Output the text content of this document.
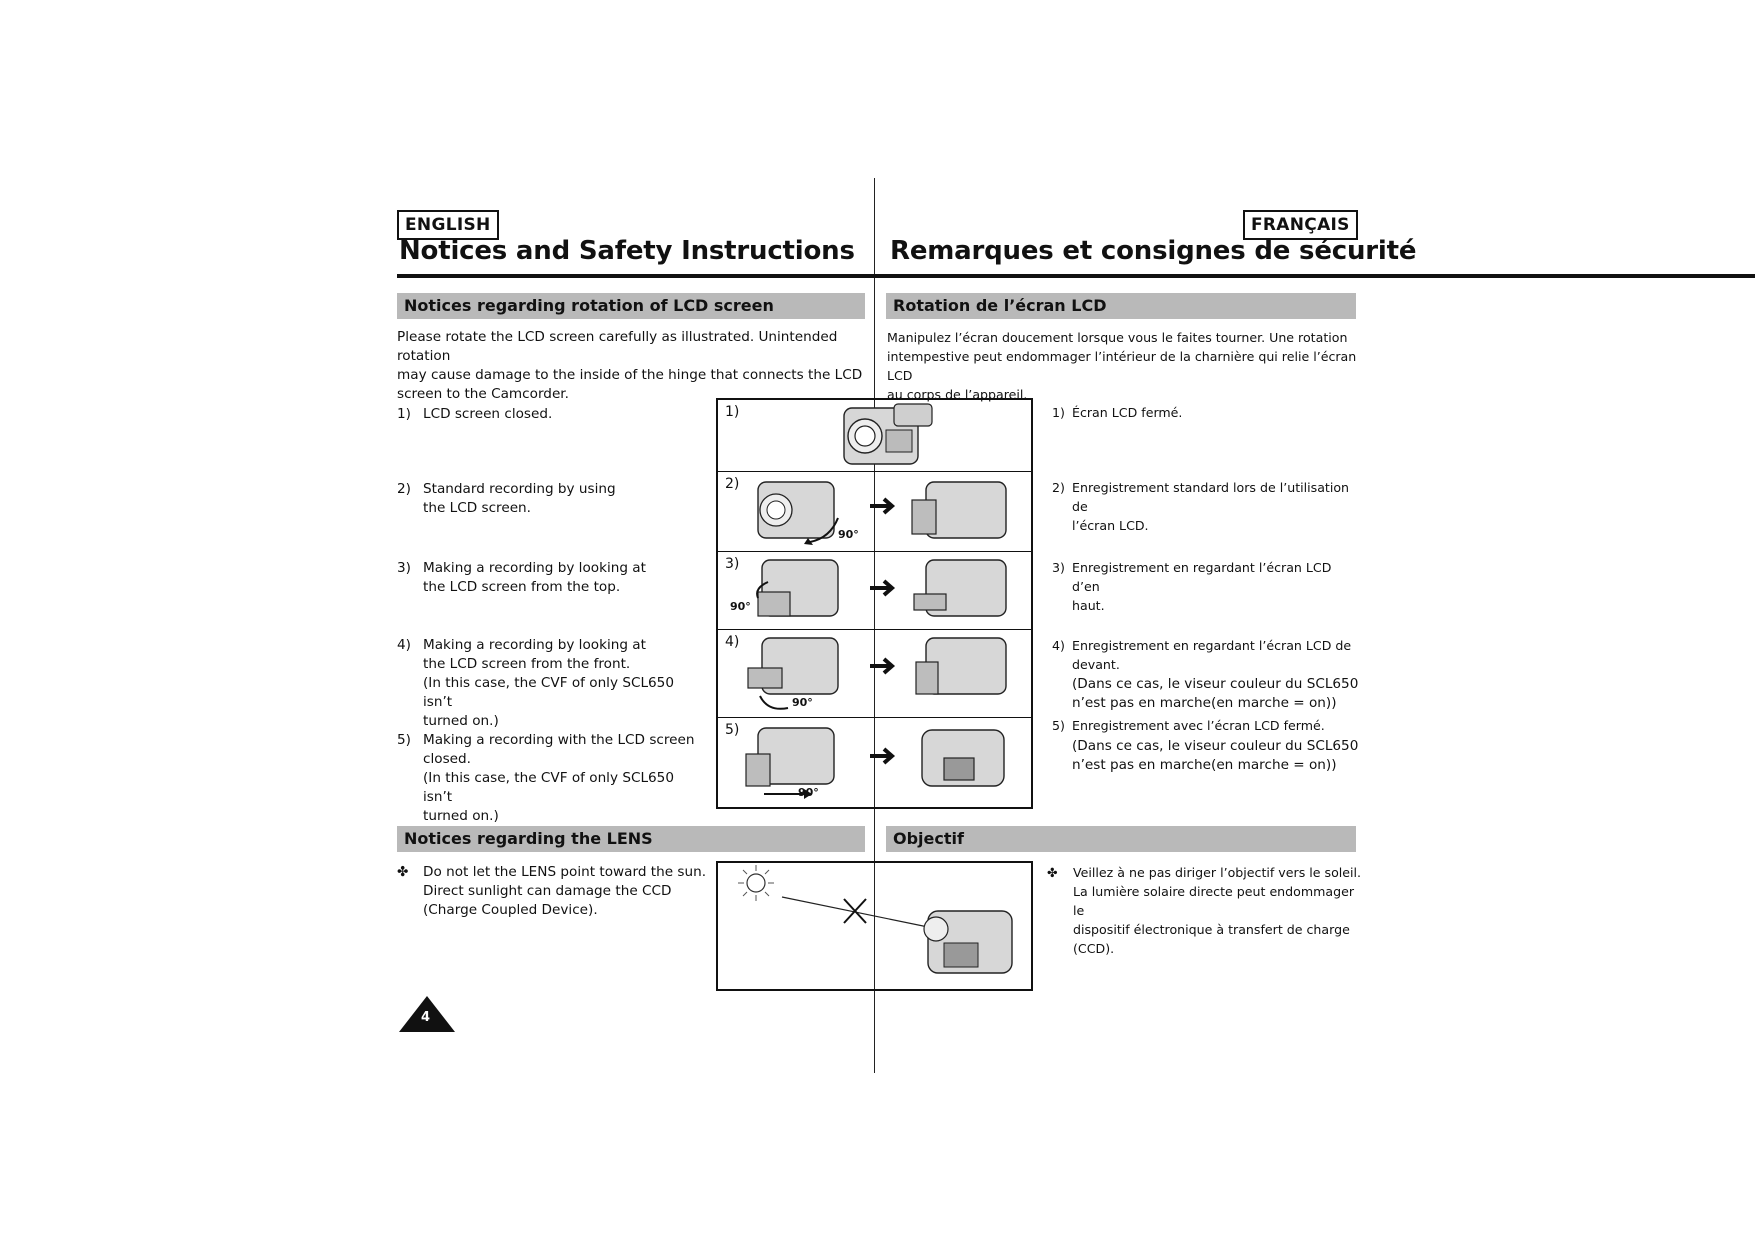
ENGLISH	FRANÇAIS
Notices and Safety Instructions Remarques et consignes de sécurité
Notices regarding rotation of LCD screen	Rotation de l’écran LCD
Please rotate the LCD screen carefully as illustrated. Unintended rotation
may cause damage to the inside of the hinge that connects the LCD
screen to the Camcorder.
Manipulez l’écran doucement lorsque vous le faites tourner. Une rotation
intempestive peut endommager l’intérieur de la charnière qui relie l’écran LCD
au corps de l’appareil.
1) LCD screen closed.
2) Standard recording by using
the LCD screen.
3) Making a recording by looking at
the LCD screen from the top.
4) Making a recording by looking at
the LCD screen from the front.
(In this case, the CVF of only SCL650 isn’t
turned on.)
5) Making a recording with the LCD screen
closed.
(In this case, the CVF of only SCL650 isn’t
turned on.)
1)
2)
90°
3)
90°
4)
90°
5)
90°
1) Écran LCD fermé.
2) Enregistrement standard lors de l’utilisation de
l’écran LCD.
3) Enregistrement en regardant l’écran LCD d’en
haut.
4) Enregistrement en regardant l’écran LCD de
devant.
(Dans ce cas, le viseur couleur du SCL650
n’est pas en marche(en marche = on))
5) Enregistrement avec l’écran LCD fermé.
(Dans ce cas, le viseur couleur du SCL650
n’est pas en marche(en marche = on))
Notices regarding the LENS	Objectif
✤ Do not let the LENS point toward the sun.
Direct sunlight can damage the CCD
(Charge Coupled Device).
✤ Veillez à ne pas diriger l’objectif vers le soleil.
La lumière solaire directe peut endommager le
dispositif électronique à transfert de charge
(CCD).
4
